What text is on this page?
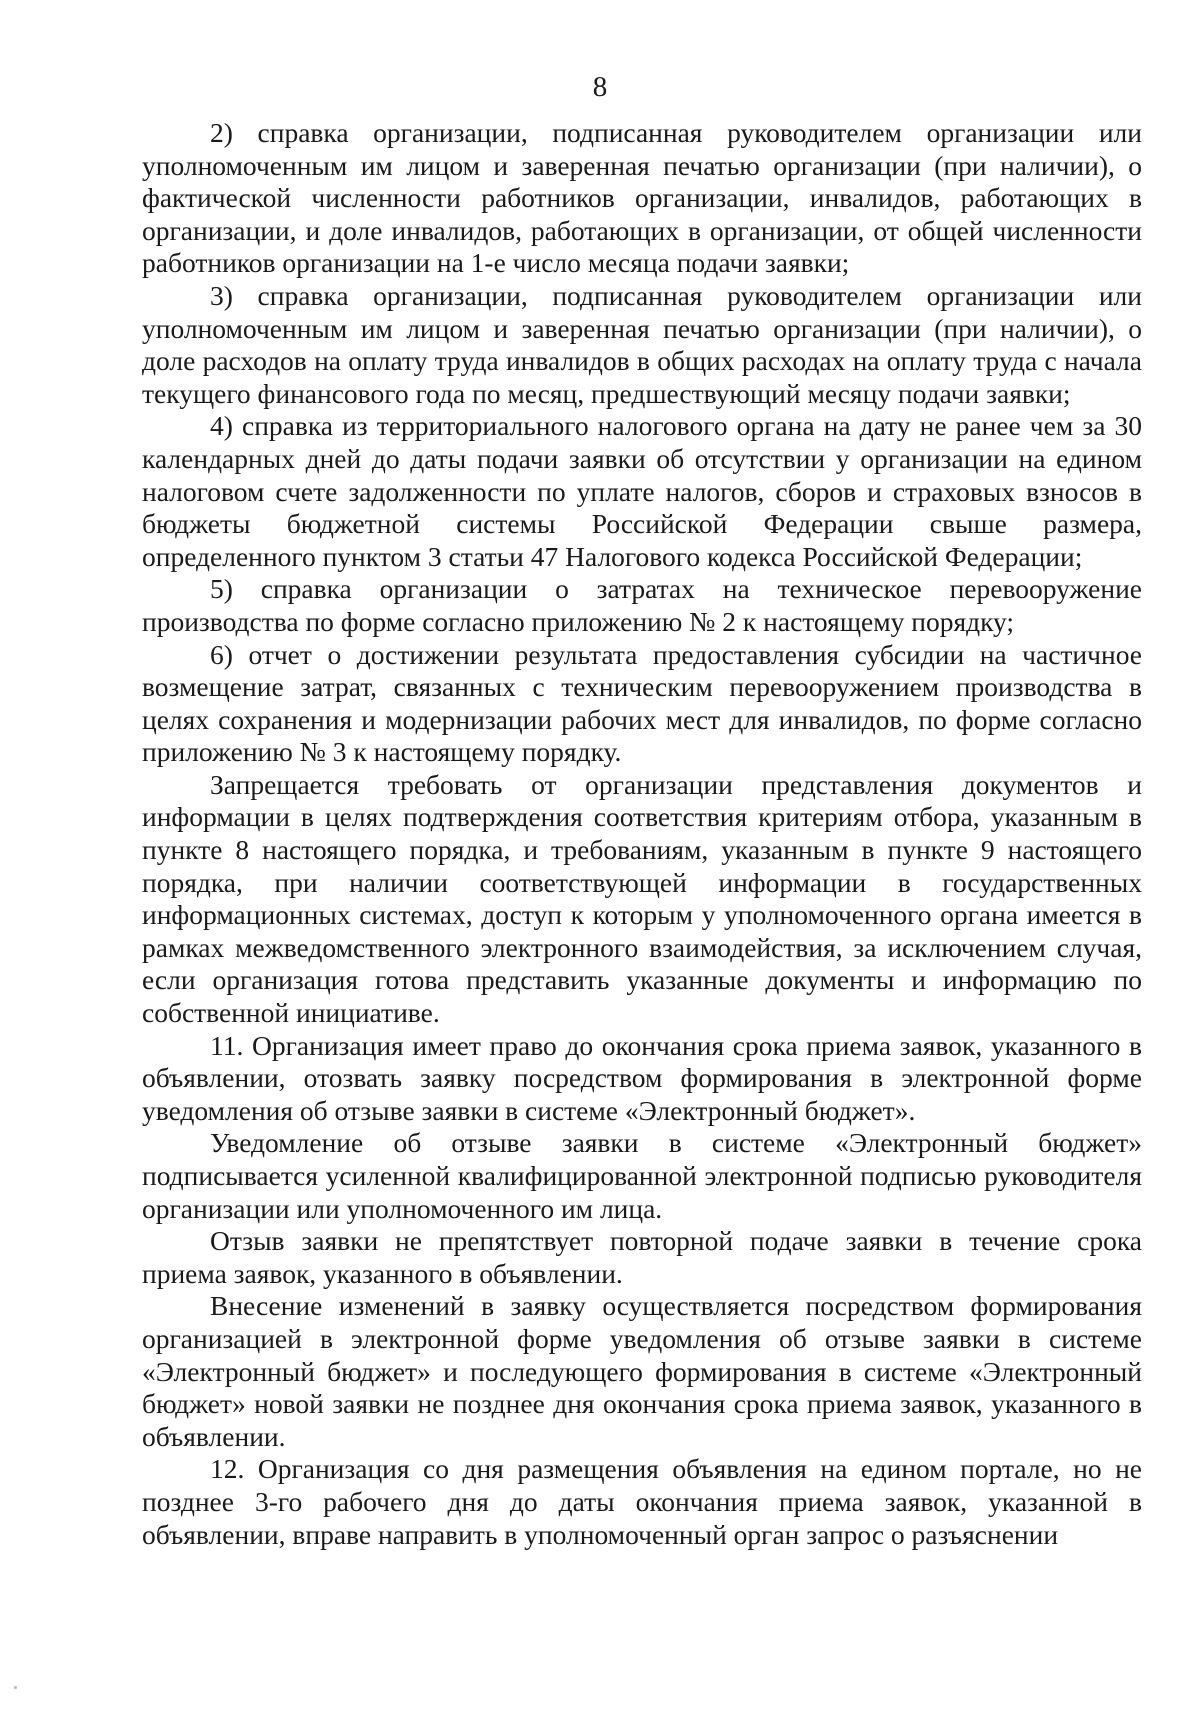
8

2) справка организации, подписанная руководителем организации или уполномоченным им лицом и заверенная печатью организации (при наличии), о фактической численности работников организации, инвалидов, работающих в организации, и доле инвалидов, работающих в организации, от общей численности работников организации на 1-е число месяца подачи заявки;

3) справка организации, подписанная руководителем организации или уполномоченным им лицом и заверенная печатью организации (при наличии), о доле расходов на оплату труда инвалидов в общих расходах на оплату труда с начала текущего финансового года по месяц, предшествующий месяцу подачи заявки;

4) справка из территориального налогового органа на дату не ранее чем за 30 календарных дней до даты подачи заявки об отсутствии у организации на едином налоговом счете задолженности по уплате налогов, сборов и страховых взносов в бюджеты бюджетной системы Российской Федерации свыше размера, определенного пунктом 3 статьи 47 Налогового кодекса Российской Федерации;

5) справка организации о затратах на техническое перевооружение производства по форме согласно приложению № 2 к настоящему порядку;

6) отчет о достижении результата предоставления субсидии на частичное возмещение затрат, связанных с техническим перевооружением производства в целях сохранения и модернизации рабочих мест для инвалидов, по форме согласно приложению № 3 к настоящему порядку.

Запрещается требовать от организации представления документов и информации в целях подтверждения соответствия критериям отбора, указанным в пункте 8 настоящего порядка, и требованиям, указанным в пункте 9 настоящего порядка, при наличии соответствующей информации в государственных информационных системах, доступ к которым у уполномоченного органа имеется в рамках межведомственного электронного взаимодействия, за исключением случая, если организация готова представить указанные документы и информацию по собственной инициативе.

11. Организация имеет право до окончания срока приема заявок, указанного в объявлении, отозвать заявку посредством формирования в электронной форме уведомления об отзыве заявки в системе «Электронный бюджет».

Уведомление об отзыве заявки в системе «Электронный бюджет» подписывается усиленной квалифицированной электронной подписью руководителя организации или уполномоченного им лица.

Отзыв заявки не препятствует повторной подаче заявки в течение срока приема заявок, указанного в объявлении.

Внесение изменений в заявку осуществляется посредством формирования организацией в электронной форме уведомления об отзыве заявки в системе «Электронный бюджет» и последующего формирования в системе «Электронный бюджет» новой заявки не позднее дня окончания срока приема заявок, указанного в объявлении.

12. Организация со дня размещения объявления на едином портале, но не позднее 3-го рабочего дня до даты окончания приема заявок, указанной в объявлении, вправе направить в уполномоченный орган запрос о разъяснении
